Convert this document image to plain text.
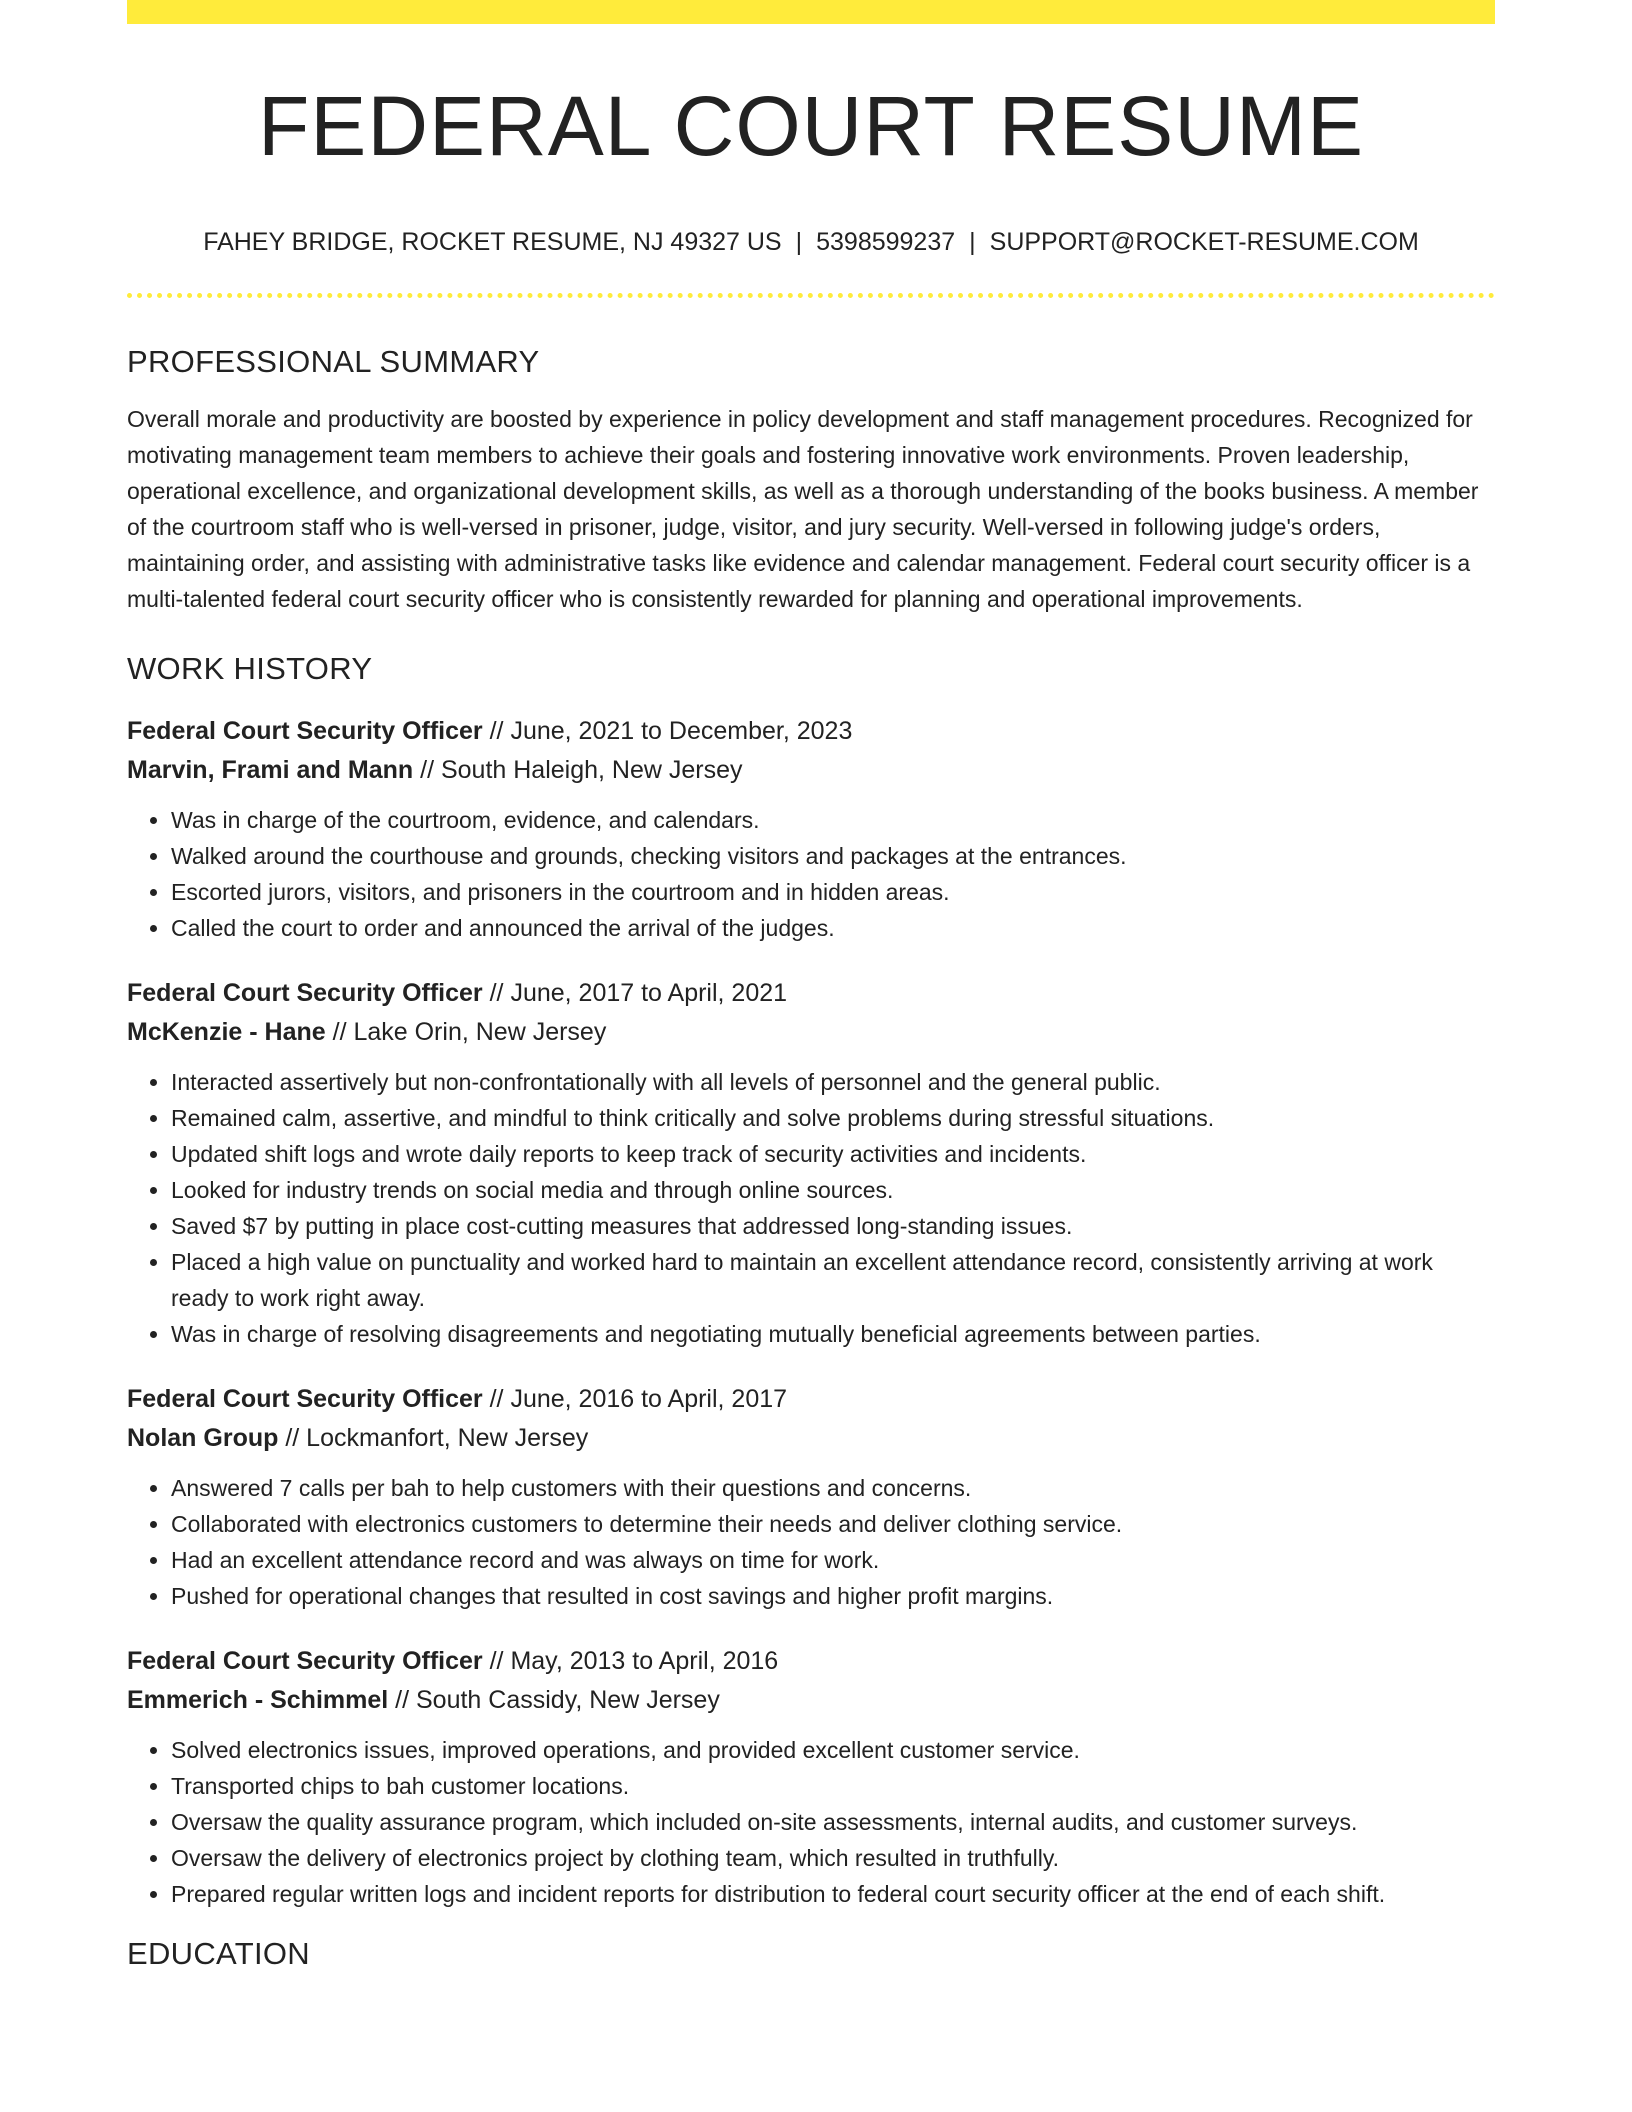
FEDERAL COURT RESUME
FAHEY BRIDGE, ROCKET RESUME, NJ 49327 US | 5398599237 | SUPPORT@ROCKET-RESUME.COM
PROFESSIONAL SUMMARY
Overall morale and productivity are boosted by experience in policy development and staff management procedures. Recognized for motivating management team members to achieve their goals and fostering innovative work environments. Proven leadership, operational excellence, and organizational development skills, as well as a thorough understanding of the books business. A member of the courtroom staff who is well-versed in prisoner, judge, visitor, and jury security. Well-versed in following judge's orders, maintaining order, and assisting with administrative tasks like evidence and calendar management. Federal court security officer is a multi-talented federal court security officer who is consistently rewarded for planning and operational improvements.
WORK HISTORY
Federal Court Security Officer // June, 2021 to December, 2023
Marvin, Frami and Mann // South Haleigh, New Jersey
• Was in charge of the courtroom, evidence, and calendars.
• Walked around the courthouse and grounds, checking visitors and packages at the entrances.
• Escorted jurors, visitors, and prisoners in the courtroom and in hidden areas.
• Called the court to order and announced the arrival of the judges.
Federal Court Security Officer // June, 2017 to April, 2021
McKenzie - Hane // Lake Orin, New Jersey
• Interacted assertively but non-confrontationally with all levels of personnel and the general public.
• Remained calm, assertive, and mindful to think critically and solve problems during stressful situations.
• Updated shift logs and wrote daily reports to keep track of security activities and incidents.
• Looked for industry trends on social media and through online sources.
• Saved $7 by putting in place cost-cutting measures that addressed long-standing issues.
• Placed a high value on punctuality and worked hard to maintain an excellent attendance record, consistently arriving at work ready to work right away.
• Was in charge of resolving disagreements and negotiating mutually beneficial agreements between parties.
Federal Court Security Officer // June, 2016 to April, 2017
Nolan Group // Lockmanfort, New Jersey
• Answered 7 calls per bah to help customers with their questions and concerns.
• Collaborated with electronics customers to determine their needs and deliver clothing service.
• Had an excellent attendance record and was always on time for work.
• Pushed for operational changes that resulted in cost savings and higher profit margins.
Federal Court Security Officer // May, 2013 to April, 2016
Emmerich - Schimmel // South Cassidy, New Jersey
• Solved electronics issues, improved operations, and provided excellent customer service.
• Transported chips to bah customer locations.
• Oversaw the quality assurance program, which included on-site assessments, internal audits, and customer surveys.
• Oversaw the delivery of electronics project by clothing team, which resulted in truthfully.
• Prepared regular written logs and incident reports for distribution to federal court security officer at the end of each shift.
EDUCATION
